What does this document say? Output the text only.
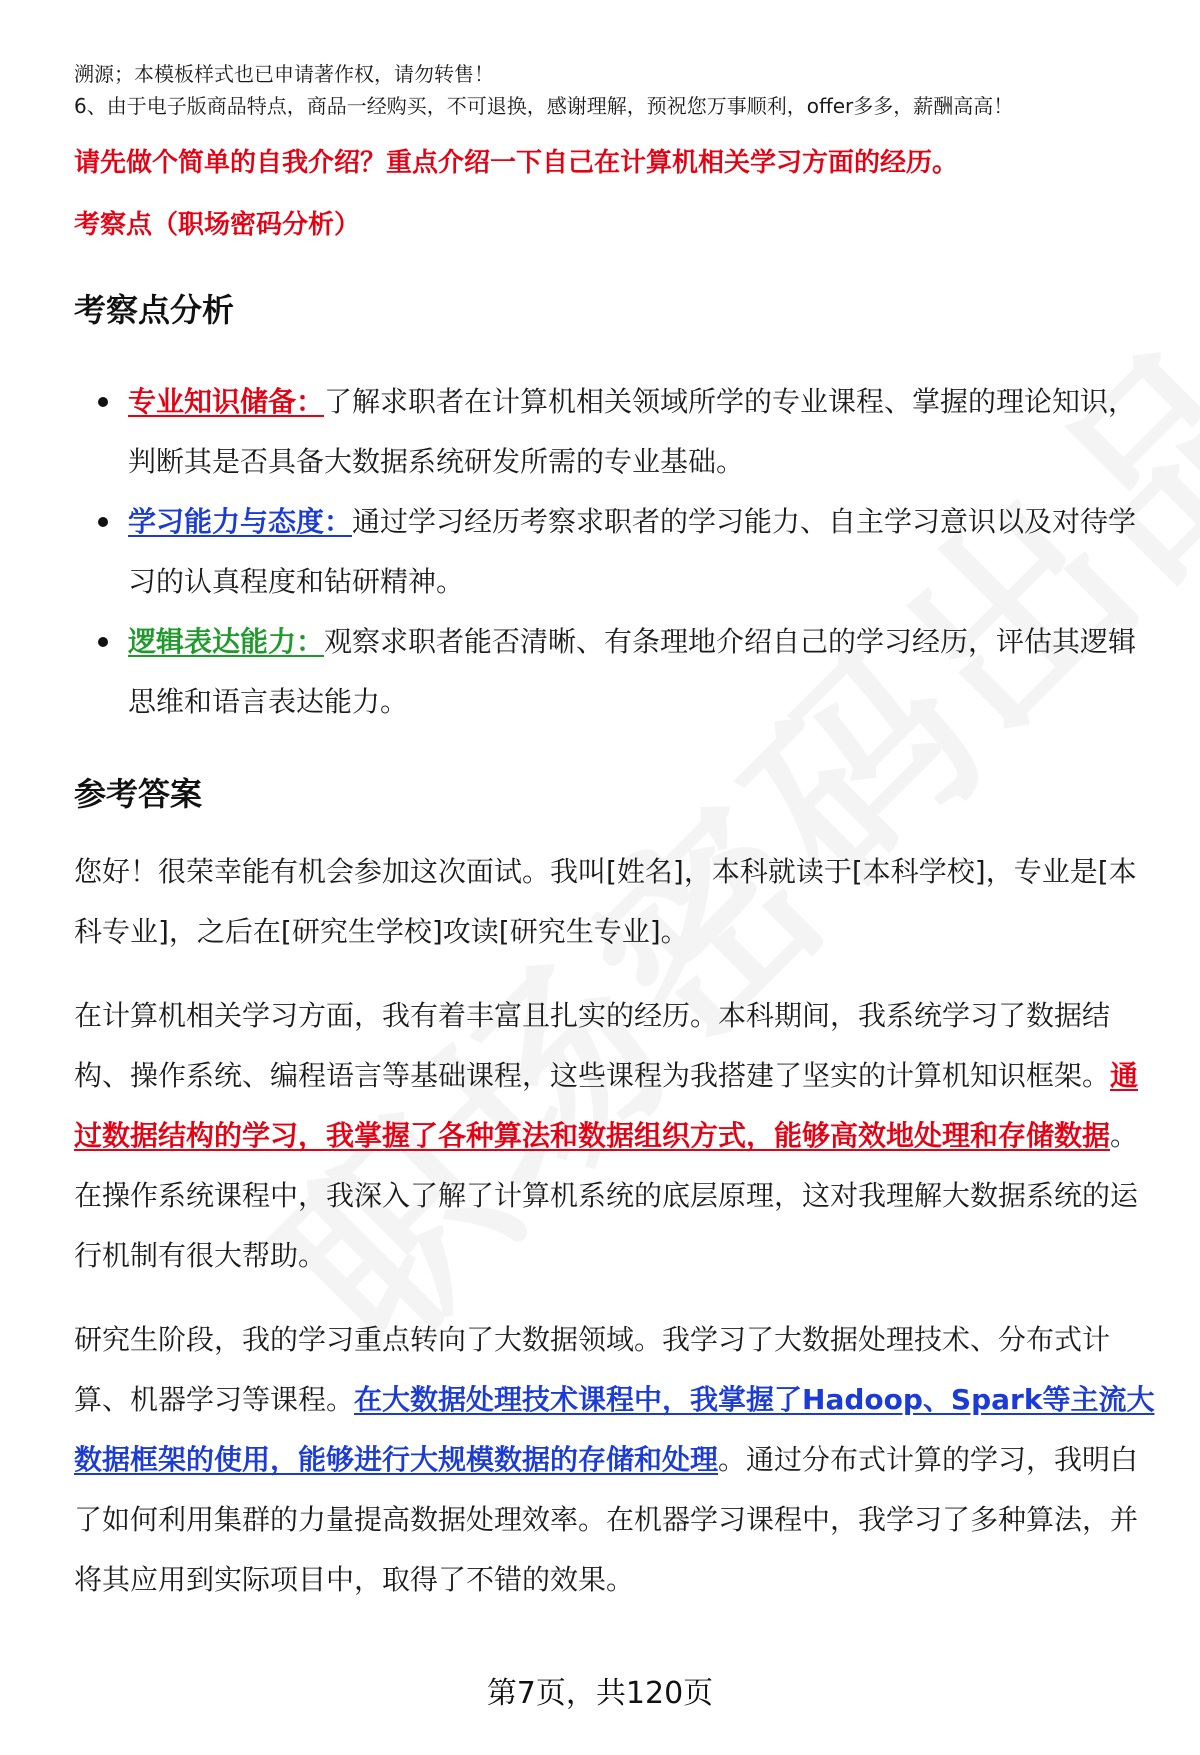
溯源；本模板样式也已申请著作权，请勿转售！

6、由于电子版商品特点，商品一经购买，不可退换，感谢理解，预祝您万事顺利，offer多多，薪酬高高！

请先做个简单的自我介绍？重点介绍一下自己在计算机相关学习方面的经历。

考察点（职场密码分析）

考察点分析
专业知识储备：了解求职者在计算机相关领域所学的专业课程、掌握的理论知识，判断其是否具备大数据系统研发所需的专业基础。
学习能力与态度：通过学习经历考察求职者的学习能力、自主学习意识以及对待学习的认真程度和钻研精神。
逻辑表达能力：观察求职者能否清晰、有条理地介绍自己的学习经历，评估其逻辑思维和语言表达能力。
参考答案

您好！很荣幸能有机会参加这次面试。我叫[姓名]，本科就读于[本科学校]，专业是[本科专业]，之后在[研究生学校]攻读[研究生专业]。

在计算机相关学习方面，我有着丰富且扎实的经历。本科期间，我系统学习了数据结构、操作系统、编程语言等基础课程，这些课程为我搭建了坚实的计算机知识框架。通过数据结构的学习，我掌握了各种算法和数据组织方式，能够高效地处理和存储数据。在操作系统课程中，我深入了解了计算机系统的底层原理，这对我理解大数据系统的运行机制有很大帮助。

研究生阶段，我的学习重点转向了大数据领域。我学习了大数据处理技术、分布式计算、机器学习等课程。在大数据处理技术课程中，我掌握了Hadoop、Spark等主流大数据框架的使用，能够进行大规模数据的存储和处理。通过分布式计算的学习，我明白了如何利用集群的力量提高数据处理效率。在机器学习课程中，我学习了多种算法，并将其应用到实际项目中，取得了不错的效果。

第7页，共120页
